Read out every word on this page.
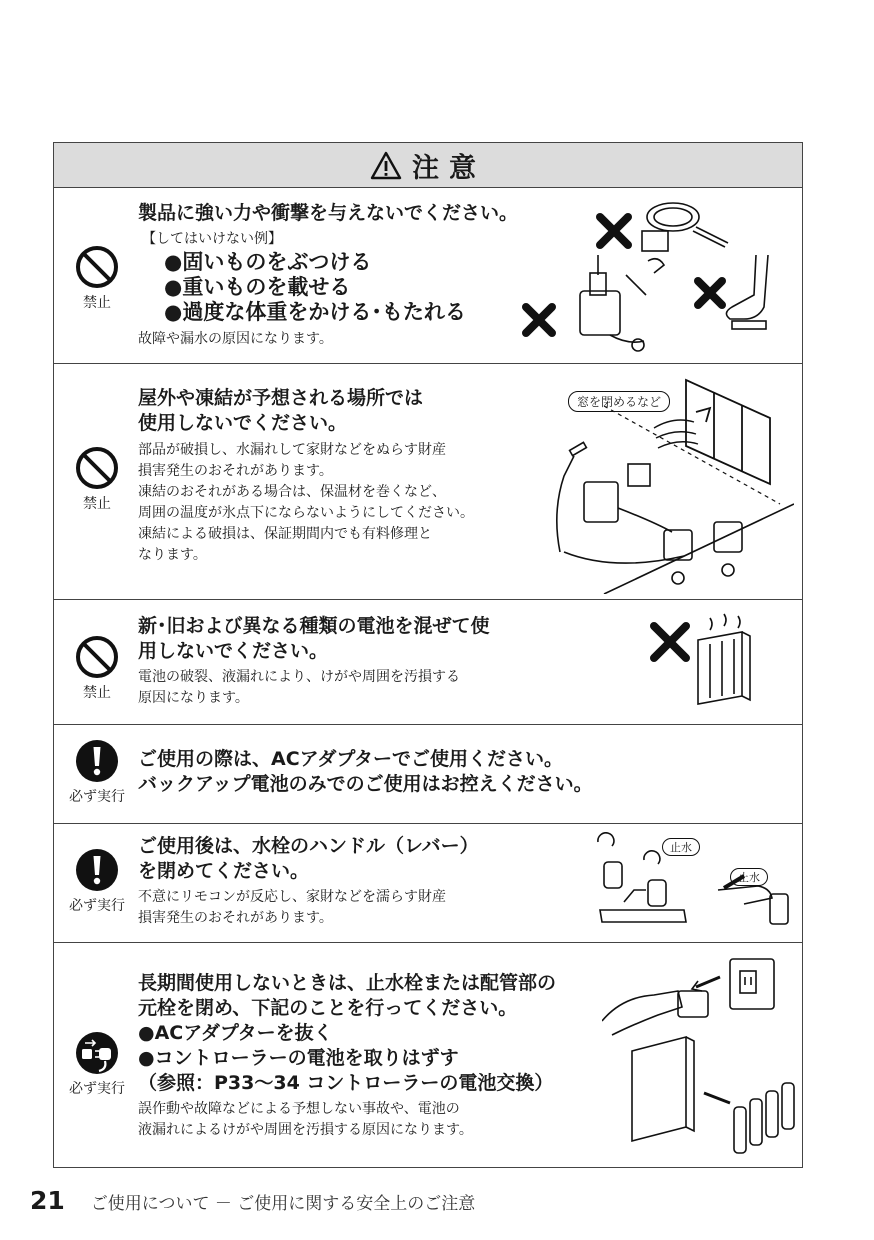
注意
禁止
製品に強い力や衝撃を与えないでください。
【してはいけない例】
●固いものをぶつける
●重いものを載せる
●過度な体重をかける･もたれる
故障や漏水の原因になります。
禁止
屋外や凍結が予想される場所では
使用しないでください。
部品が破損し、水漏れして家財などをぬらす財産
損害発生のおそれがあります。
凍結のおそれがある場合は、保温材を巻くなど、
周囲の温度が氷点下にならないようにしてください。
凍結による破損は、保証期間内でも有料修理と
なります。
窓を閉めるなど
禁止
新･旧および異なる種類の電池を混ぜて使
用しないでください。
電池の破裂、液漏れにより、けがや周囲を汚損する
原因になります。
必ず実行
ご使用の際は、ACアダプターでご使用ください。
バックアップ電池のみでのご使用はお控えください。
必ず実行
ご使用後は、水栓のハンドル（レバー）
を閉めてください。
不意にリモコンが反応し、家財などを濡らす財産
損害発生のおそれがあります。
止水
止水
必ず実行
長期間使用しないときは、止水栓または配管部の
元栓を閉め、下記のことを行ってください。
●ACアダプターを抜く
●コントローラーの電池を取りはずす
（参照：P33～34 コントローラーの電池交換）
誤作動や故障などによる予想しない事故や、電池の
液漏れによるけがや周囲を汚損する原因になります。
21 ご使用について － ご使用に関する安全上のご注意
